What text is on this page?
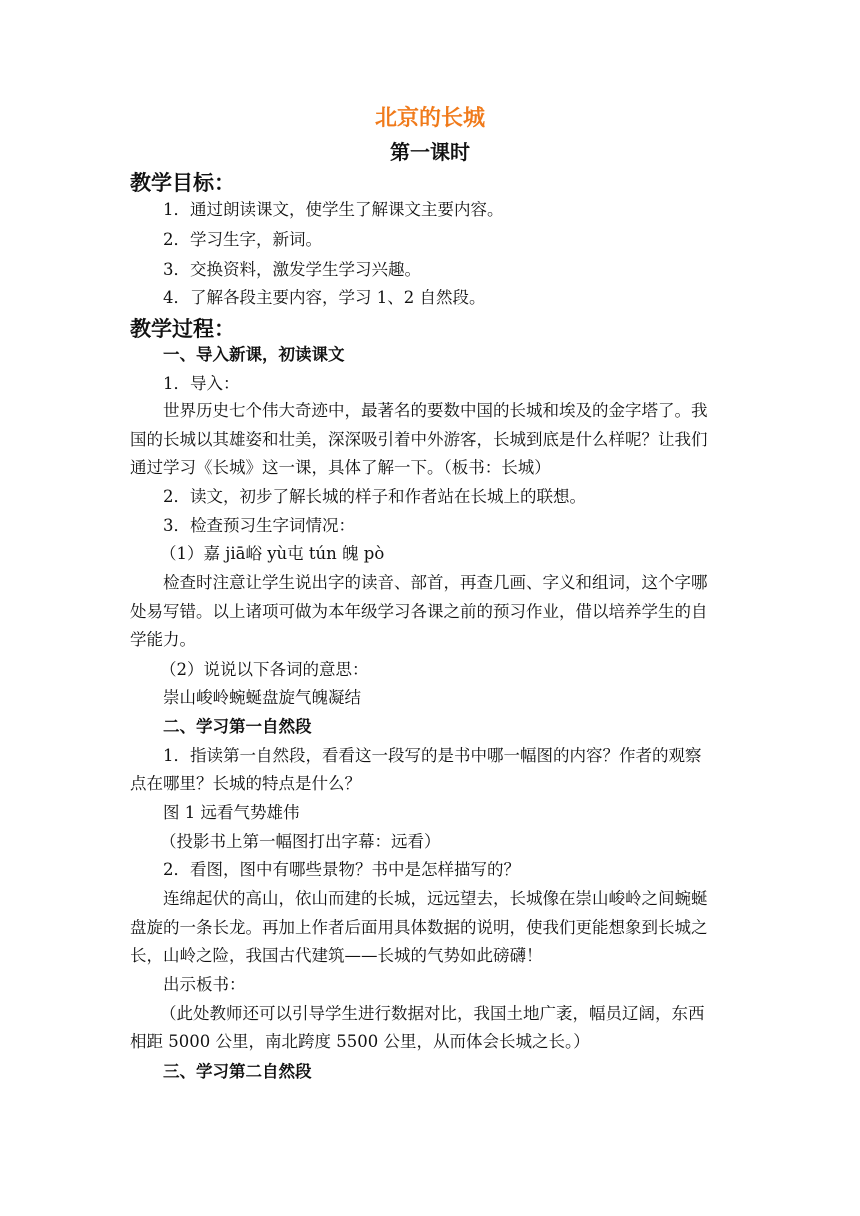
北京的长城
第一课时
教学目标：
1．通过朗读课文，使学生了解课文主要内容。
2．学习生字，新词。
3．交换资料，激发学生学习兴趣。
4．了解各段主要内容，学习 1、2 自然段。
教学过程：
一、导入新课，初读课文
1．导入：
世界历史七个伟大奇迹中，最著名的要数中国的长城和埃及的金字塔了。我
国的长城以其雄姿和壮美，深深吸引着中外游客，长城到底是什么样呢？让我们
通过学习《长城》这一课，具体了解一下。（板书：长城）
2．读文，初步了解长城的样子和作者站在长城上的联想。
3．检查预习生字词情况：
（1）嘉 jiā峪 yù屯 tún 魄 pò
检查时注意让学生说出字的读音、部首，再查几画、字义和组词，这个字哪
处易写错。以上诸项可做为本年级学习各课之前的预习作业，借以培养学生的自
学能力。
（2）说说以下各词的意思：
崇山峻岭蜿蜒盘旋气魄凝结
二、学习第一自然段
1．指读第一自然段，看看这一段写的是书中哪一幅图的内容？作者的观察
点在哪里？长城的特点是什么？
图 1 远看气势雄伟
（投影书上第一幅图打出字幕：远看）
2．看图，图中有哪些景物？书中是怎样描写的？
连绵起伏的高山，依山而建的长城，远远望去，长城像在崇山峻岭之间蜿蜒
盘旋的一条长龙。再加上作者后面用具体数据的说明，使我们更能想象到长城之
长，山岭之险，我国古代建筑——长城的气势如此磅礴！
出示板书：
（此处教师还可以引导学生进行数据对比，我国土地广袤，幅员辽阔，东西
相距 5000 公里，南北跨度 5500 公里，从而体会长城之长。）
三、学习第二自然段
